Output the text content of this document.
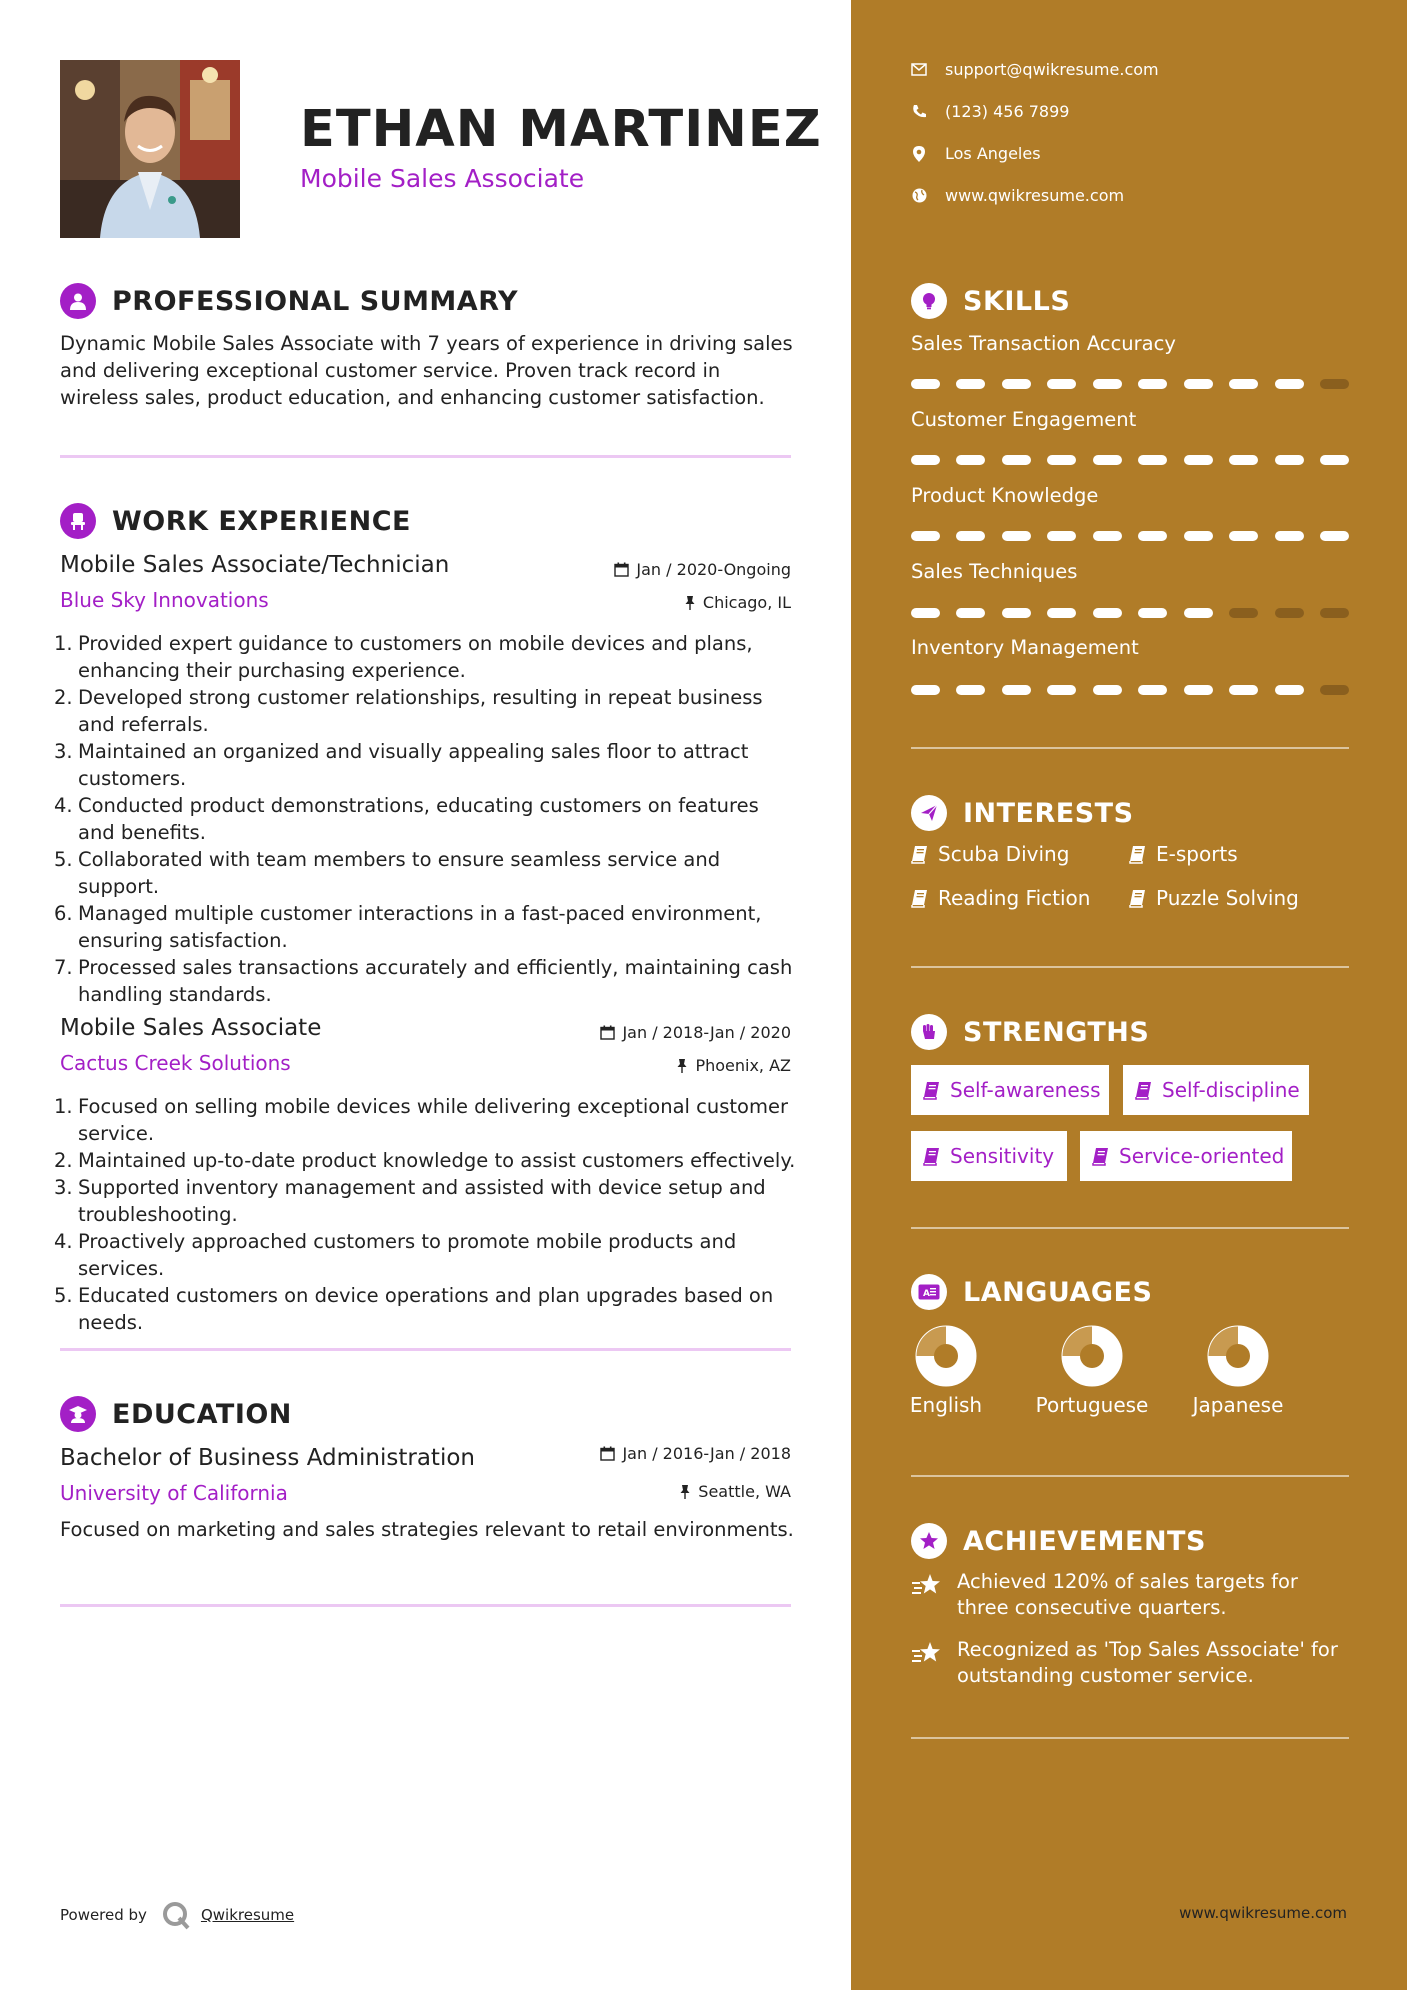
ETHAN MARTINEZ
Mobile Sales Associate
PROFESSIONAL SUMMARY
Dynamic Mobile Sales Associate with 7 years of experience in driving sales and delivering exceptional customer service. Proven track record in wireless sales, product education, and enhancing customer satisfaction.
WORK EXPERIENCE
Mobile Sales Associate/Technician	Jan / 2020-Ongoing
Blue Sky Innovations	Chicago, IL
1. Provided expert guidance to customers on mobile devices and plans, enhancing their purchasing experience.
2. Developed strong customer relationships, resulting in repeat business and referrals.
3. Maintained an organized and visually appealing sales floor to attract customers.
4. Conducted product demonstrations, educating customers on features and benefits.
5. Collaborated with team members to ensure seamless service and support.
6. Managed multiple customer interactions in a fast-paced environment, ensuring satisfaction.
7. Processed sales transactions accurately and efficiently, maintaining cash handling standards.
Mobile Sales Associate	Jan / 2018-Jan / 2020
Cactus Creek Solutions	Phoenix, AZ
1. Focused on selling mobile devices while delivering exceptional customer service.
2. Maintained up-to-date product knowledge to assist customers effectively.
3. Supported inventory management and assisted with device setup and troubleshooting.
4. Proactively approached customers to promote mobile products and services.
5. Educated customers on device operations and plan upgrades based on needs.
EDUCATION
Bachelor of Business Administration	Jan / 2016-Jan / 2018
University of California	Seattle, WA
Focused on marketing and sales strategies relevant to retail environments.
Powered by	Qwikresume
support@qwikresume.com
(123) 456 7899
Los Angeles
www.qwikresume.com
SKILLS
Sales Transaction Accuracy
Customer Engagement
Product Knowledge
Sales Techniques
Inventory Management
INTERESTS
Scuba Diving	E-sports
Reading Fiction	Puzzle Solving
STRENGTHS
Self-awareness	Self-discipline
Sensitivity	Service-oriented
A LANGUAGES
English	Portuguese	Japanese
ACHIEVEMENTS
Achieved 120% of sales targets for three consecutive quarters.
Recognized as 'Top Sales Associate' for outstanding customer service.
www.qwikresume.com
